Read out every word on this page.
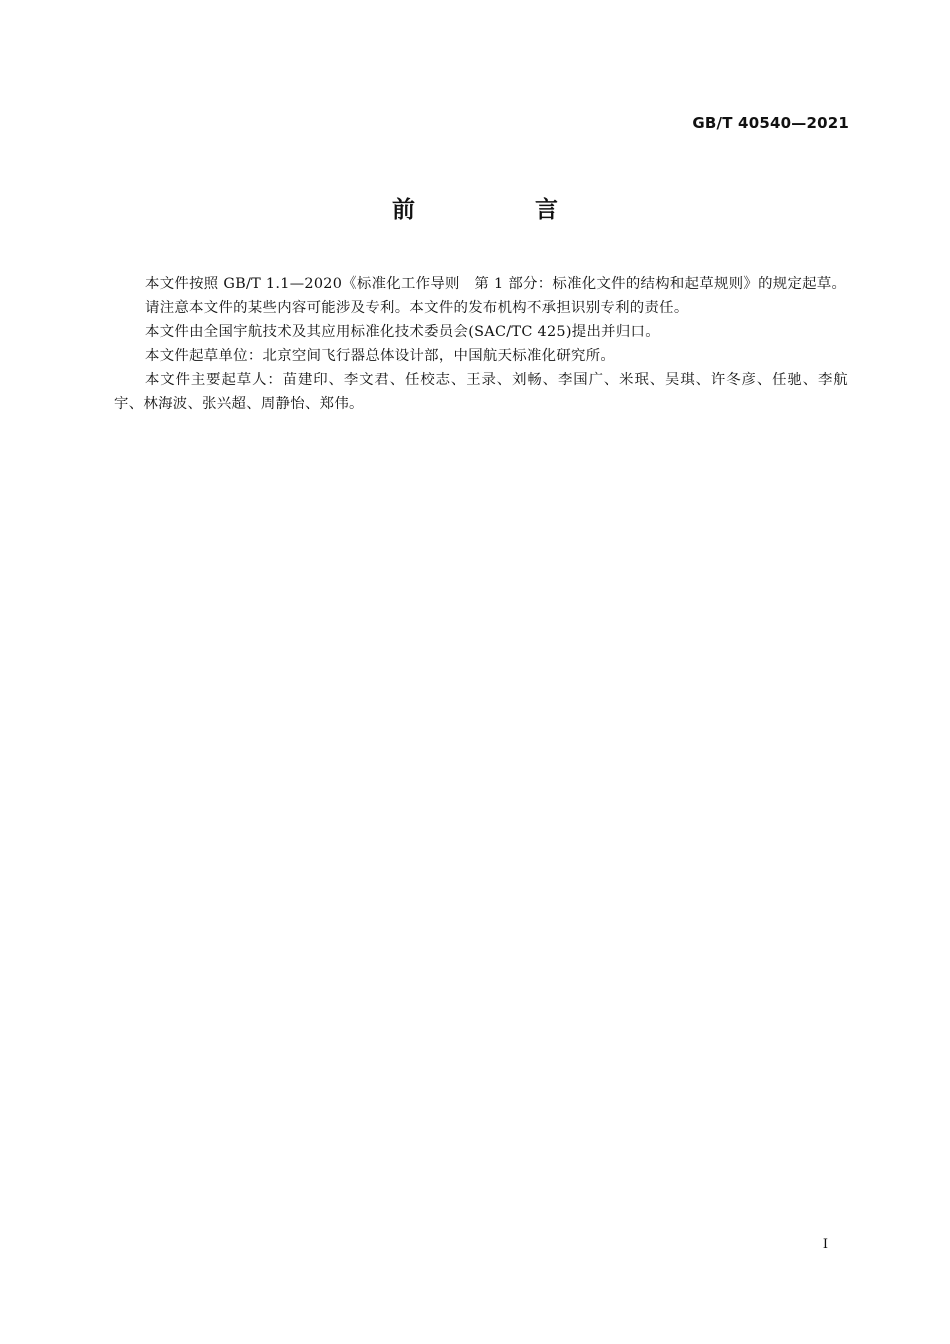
GB/T 40540—2021
前 言

本文件按照 GB/T 1.1—2020《标准化工作导则　第 1 部分：标准化文件的结构和起草规则》的规定起草。

请注意本文件的某些内容可能涉及专利。本文件的发布机构不承担识别专利的责任。

本文件由全国宇航技术及其应用标准化技术委员会(SAC/TC 425)提出并归口。

本文件起草单位：北京空间飞行器总体设计部，中国航天标准化研究所。

本文件主要起草人：苗建印、李文君、任校志、王录、刘畅、李国广、米珉、吴琪、许冬彦、任驰、李航宇、林海波、张兴超、周静怡、郑伟。

I
